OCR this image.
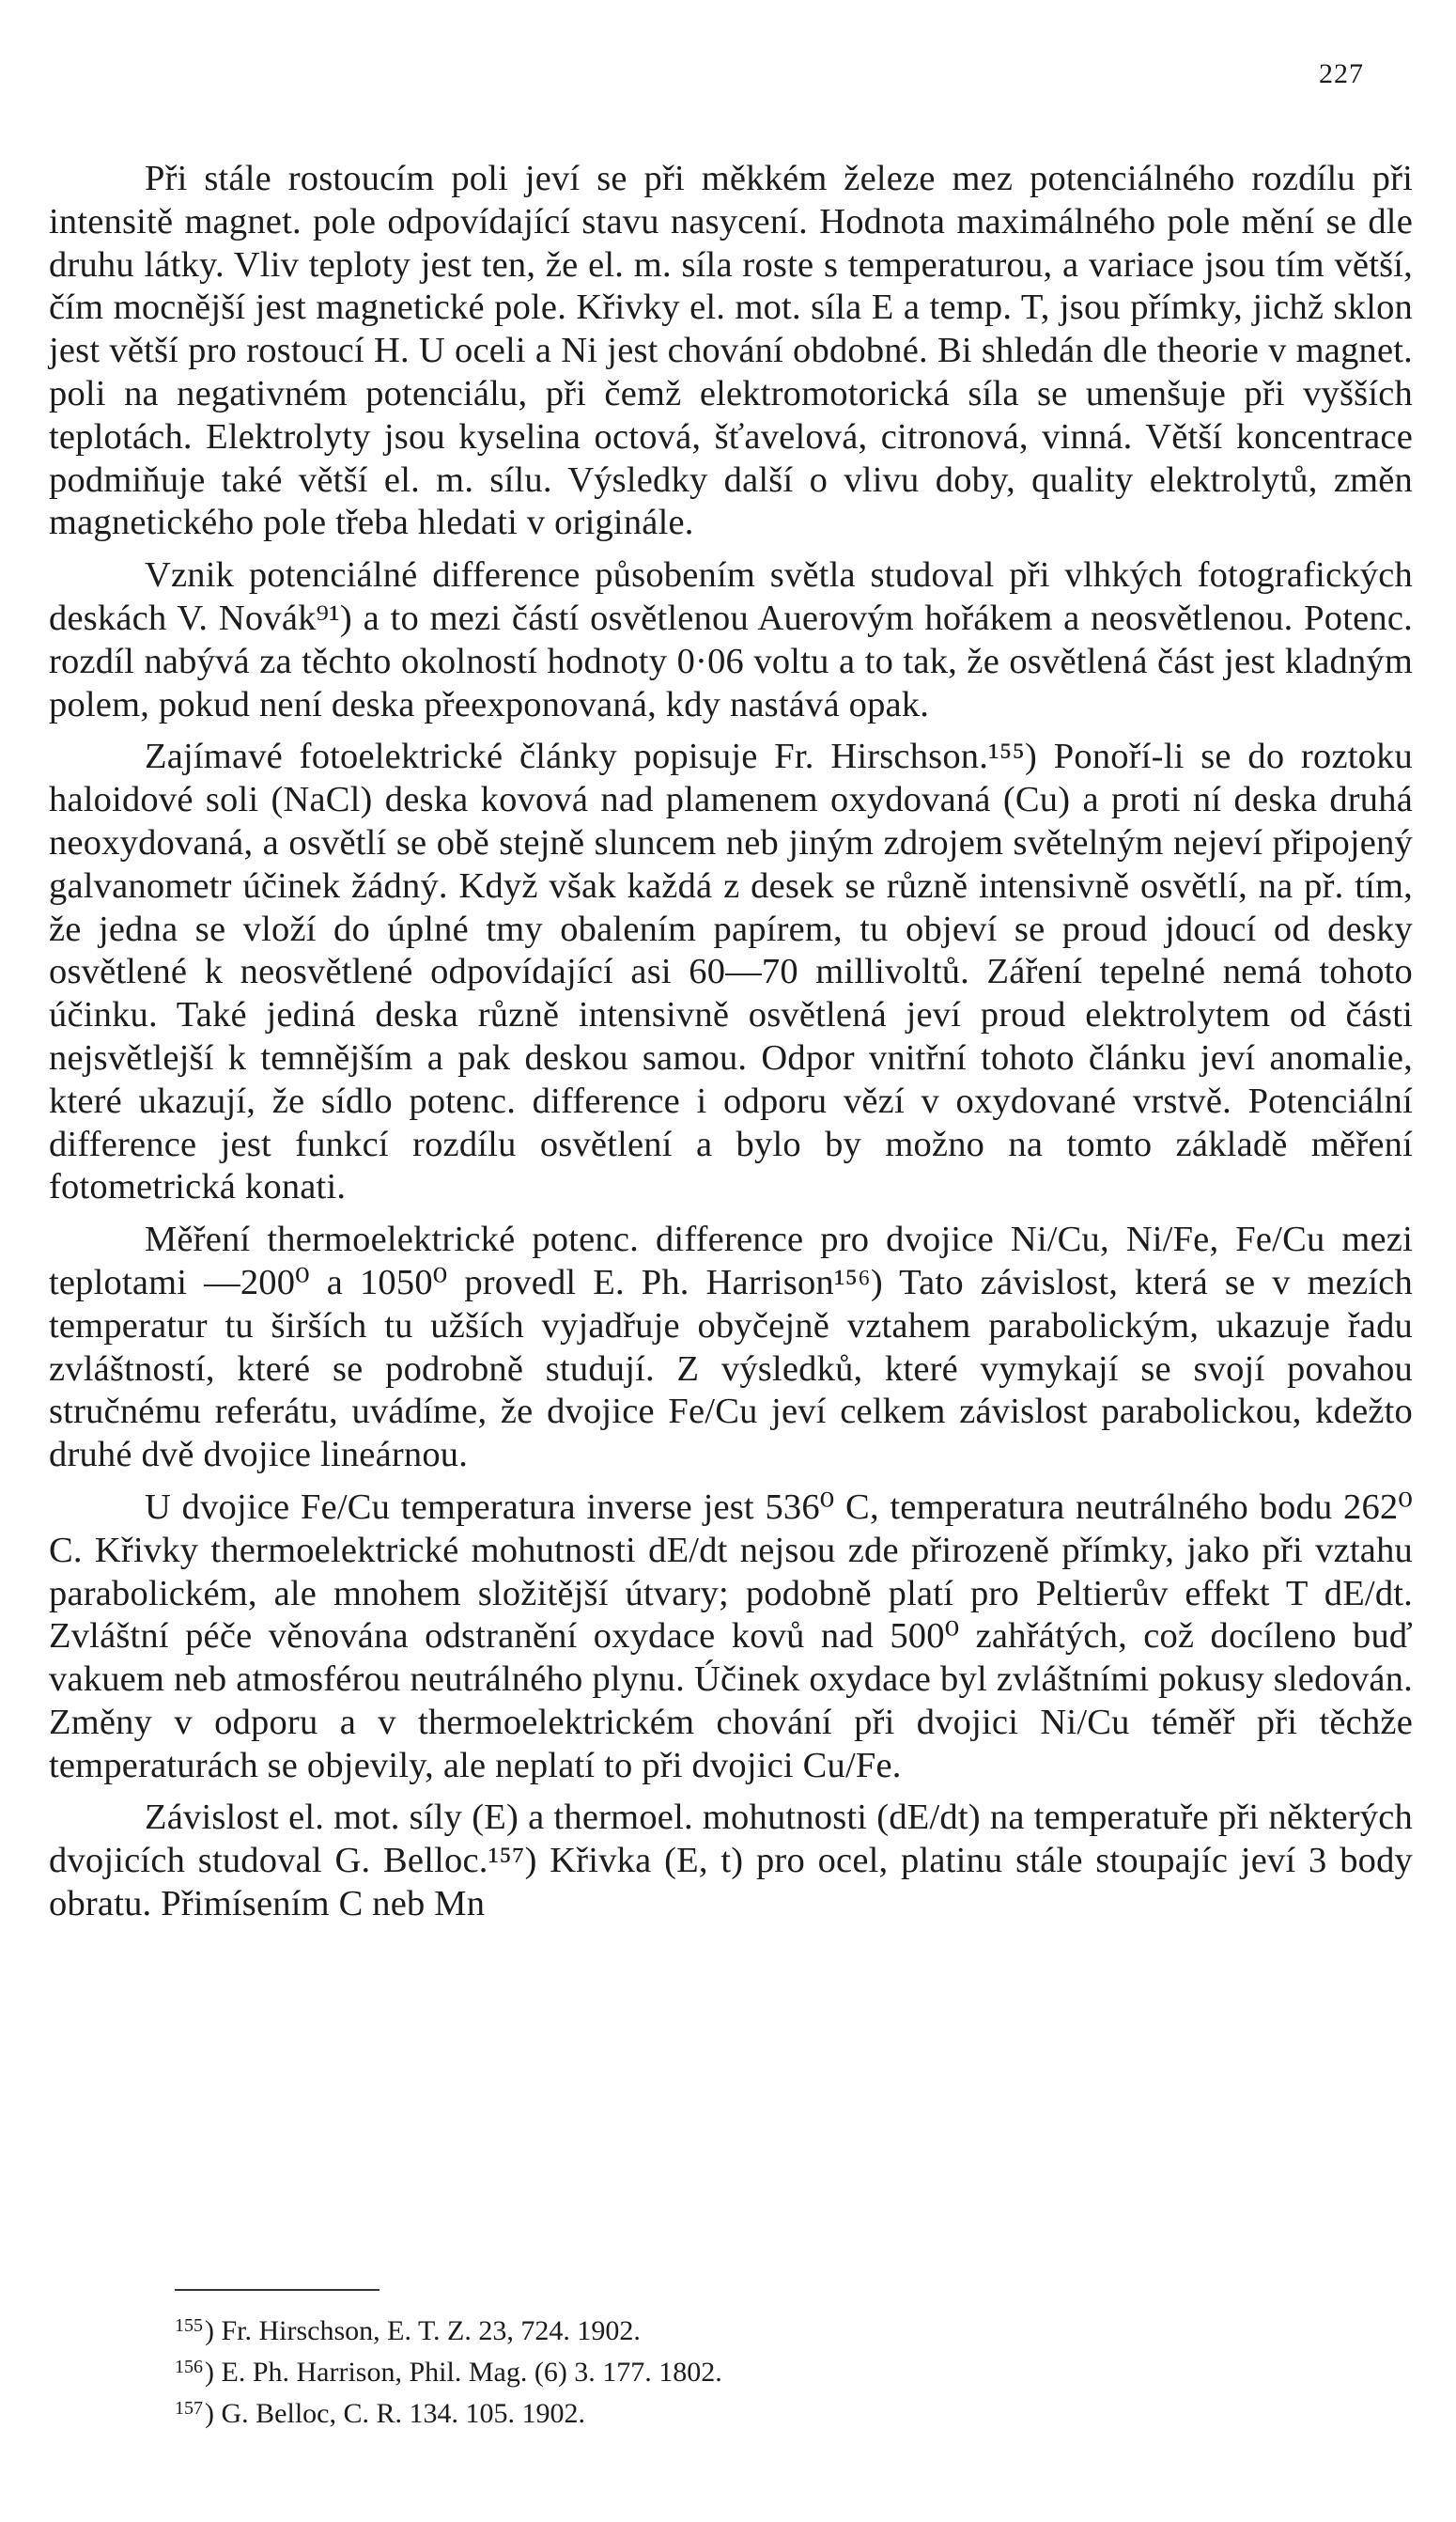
227

Při stále rostoucím poli jeví se při měkkém železe mez potenciálného rozdílu při intensitě magnet. pole odpovídající stavu nasycení. Hodnota maximálného pole mění se dle druhu látky. Vliv teploty jest ten, že el. m. síla roste s temperaturou, a variace jsou tím větší, čím mocnější jest magnetické pole. Křivky el. mot. síla E a temp. T, jsou přímky, jichž sklon jest větší pro rostoucí H. U oceli a Ni jest chování obdobné. Bi shledán dle theorie v magnet. poli na negativném potenciálu, při čemž elektromotorická síla se umenšuje při vyšších teplotách. Elektrolyty jsou kyselina octová, šťavelová, citronová, vinná. Větší koncentrace podmiňuje také větší el. m. sílu. Výsledky další o vlivu doby, quality elektrolytů, změn magnetického pole třeba hledati v originále.

Vznik potenciálné difference působením světla studoval při vlhkých fotografických deskách V. Novák⁹¹) a to mezi částí osvětlenou Auerovým hořákem a neosvětlenou. Potenc. rozdíl nabývá za těchto okolností hodnoty 0·06 voltu a to tak, že osvětlená část jest kladným polem, pokud není deska přeexponovaná, kdy nastává opak.

Zajímavé fotoelektrické články popisuje Fr. Hirschson.¹⁵⁵) Ponoří-li se do roztoku haloidové soli (NaCl) deska kovová nad plamenem oxydovaná (Cu) a proti ní deska druhá neoxydovaná, a osvětlí se obě stejně sluncem neb jiným zdrojem světelným nejeví připojený galvanometr účinek žádný. Když však každá z desek se různě intensivně osvětlí, na př. tím, že jedna se vloží do úplné tmy obalením papírem, tu objeví se proud jdoucí od desky osvětlené k neosvětlené odpovídající asi 60—70 millivoltů. Záření tepelné nemá tohoto účinku. Také jediná deska různě intensivně osvětlená jeví proud elektrolytem od části nejsvětlejší k temnějším a pak deskou samou. Odpor vnitřní tohoto článku jeví anomalie, které ukazují, že sídlo potenc. difference i odporu vězí v oxydované vrstvě. Potenciální difference jest funkcí rozdílu osvětlení a bylo by možno na tomto základě měření fotometrická konati.

Měření thermoelektrické potenc. difference pro dvojice Ni/Cu, Ni/Fe, Fe/Cu mezi teplotami —200⁰ a 1050⁰ provedl E. Ph. Harrison¹⁵⁶) Tato závislost, která se v mezích temperatur tu širších tu užších vyjadřuje obyčejně vztahem parabolickým, ukazuje řadu zvláštností, které se podrobně studují. Z výsledků, které vymykají se svojí povahou stručnému referátu, uvádíme, že dvojice Fe/Cu jeví celkem závislost parabolickou, kdežto druhé dvě dvojice lineárnou.

U dvojice Fe/Cu temperatura inverse jest 536⁰ C, temperatura neutrálného bodu 262⁰ C. Křivky thermoelektrické mohutnosti dE/dt nejsou zde přirozeně přímky, jako při vztahu parabolickém, ale mnohem složitější útvary; podobně platí pro Peltierův effekt T dE/dt. Zvláštní péče věnována odstranění oxydace kovů nad 500⁰ zahřátých, což docíleno buď vakuem neb atmosférou neutrálného plynu. Účinek oxydace byl zvláštními pokusy sledován. Změny v odporu a v thermoelektrickém chování při dvojici Ni/Cu téměř při těchže temperaturách se objevily, ale neplatí to při dvojici Cu/Fe.

Závislost el. mot. síly (E) a thermoel. mohutnosti (dE/dt) na temperatuře při některých dvojicích studoval G. Belloc.¹⁵⁷) Křivka (E, t) pro ocel, platinu stále stoupajíc jeví 3 body obratu. Přimísením C neb Mn

$^{155}$) Fr. Hirschson, E. T. Z. 23, 724. 1902.
$^{156}$) E. Ph. Harrison, Phil. Mag. (6) 3. 177. 1802.
$^{157}$) G. Belloc, C. R. 134. 105. 1902.
